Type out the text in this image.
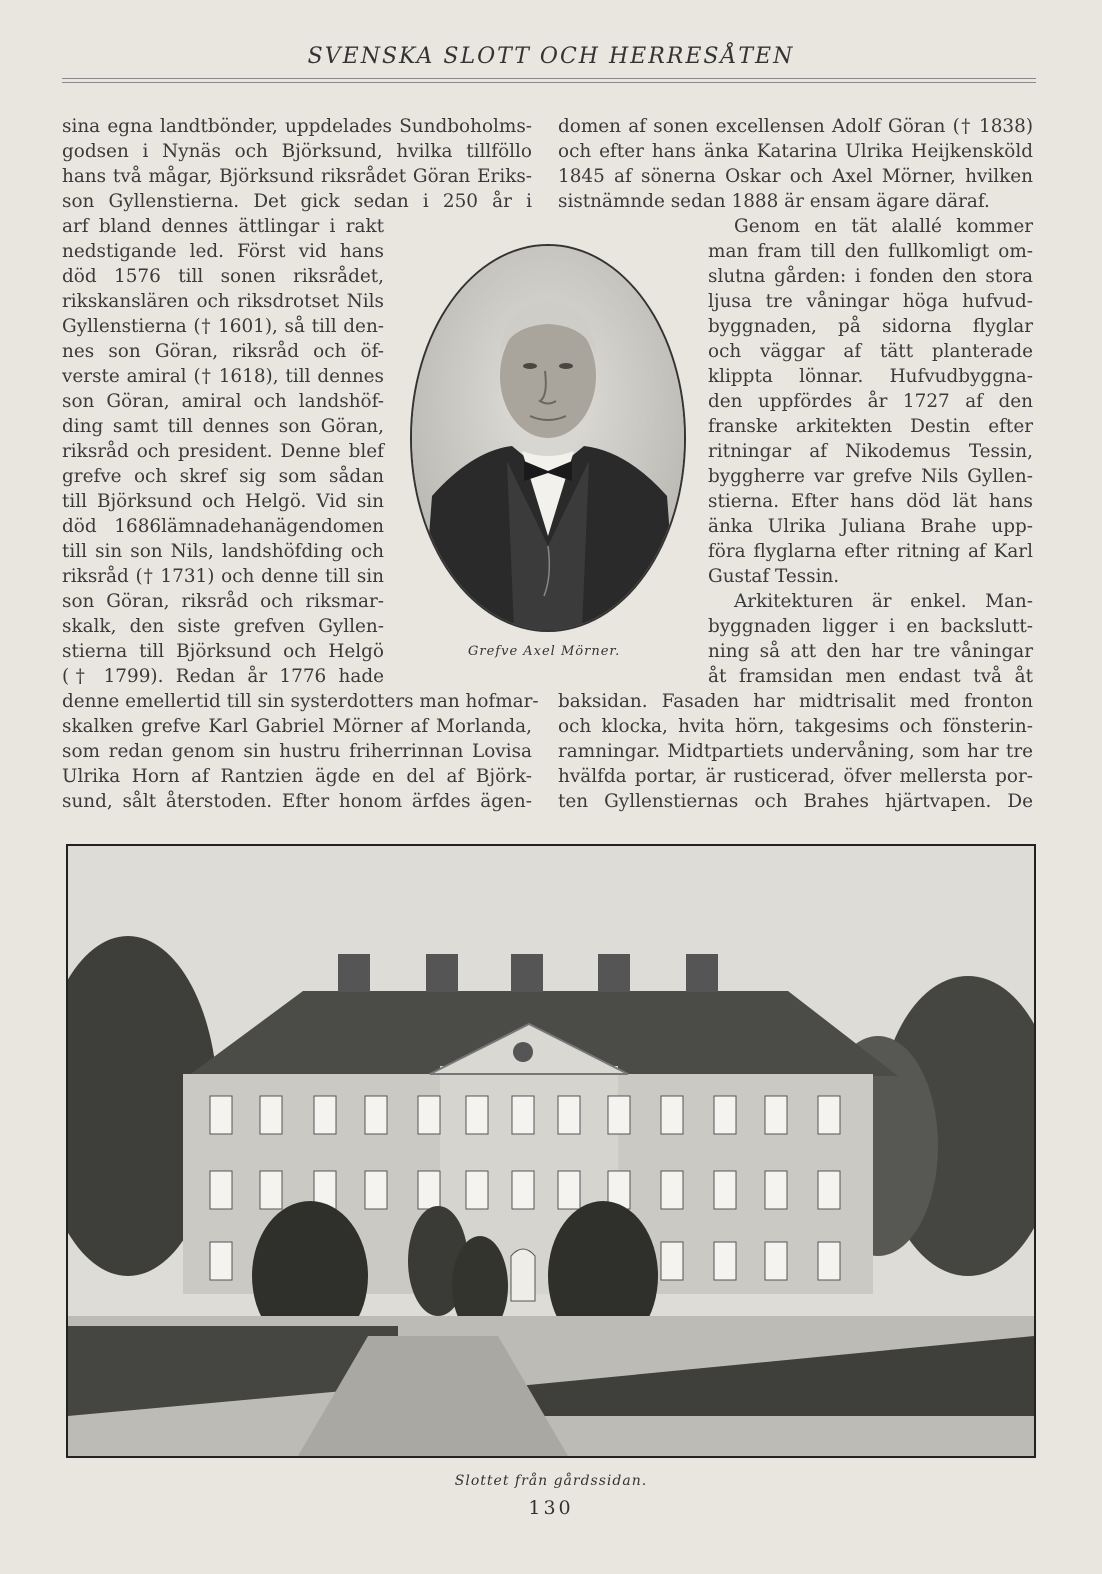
SVENSKA SLOTT OCH HERRESÅTEN
sina egna landtbönder, uppdelades Sundboholms-
godsen i Nynäs och Björksund, hvilka tillföllo
hans två mågar, Björksund riksrådet Göran Eriks-
son Gyllenstierna. Det gick sedan i 250 år i
arf bland dennes ättlingar i rakt
nedstigande led. Först vid hans
död 1576 till sonen riksrådet,
rikskanslären och riksdrotset Nils
Gyllenstierna († 1601), så till den-
nes son Göran, riksråd och öf-
verste amiral († 1618), till dennes
son Göran, amiral och landshöf-
ding samt till dennes son Göran,
riksråd och president. Denne blef
grefve och skref sig som sådan
till Björksund och Helgö. Vid sin
död 1686lämnadehanägendomen
till sin son Nils, landshöfding och
riksråd († 1731) och denne till sin
son Göran, riksråd och riksmar-
skalk, den siste grefven Gyllen-
stierna till Björksund och Helgö
(† 1799). Redan år 1776 hade
denne emellertid till sin systerdotters man hofmar-
skalken grefve Karl Gabriel Mörner af Morlanda,
som redan genom sin hustru friherrinnan Lovisa
Ulrika Horn af Rantzien ägde en del af Björk-
sund, sålt återstoden. Efter honom ärfdes ägen-
domen af sonen excellensen Adolf Göran († 1838)
och efter hans änka Katarina Ulrika Heijkensköld
1845 af sönerna Oskar och Axel Mörner, hvilken
sistnämnde sedan 1888 är ensam ägare däraf.
Genom en tät alallé kommer
man fram till den fullkomligt om-
slutna gården: i fonden den stora
ljusa tre våningar höga hufvud-
byggnaden, på sidorna flyglar
och väggar af tätt planterade
klippta lönnar. Hufvudbyggna-
den uppfördes år 1727 af den
franske arkitekten Destin efter
ritningar af Nikodemus Tessin,
byggherre var grefve Nils Gyllen-
stierna. Efter hans död lät hans
änka Ulrika Juliana Brahe upp-
föra flyglarna efter ritning af Karl
Gustaf Tessin.
Arkitekturen är enkel. Man-
byggnaden ligger i en backslutt-
ning så att den har tre våningar
åt framsidan men endast två åt
baksidan. Fasaden har midtrisalit med fronton
och klocka, hvita hörn, takgesims och fönsterin-
ramningar. Midtpartiets undervåning, som har tre
hvälfda portar, är rusticerad, öfver mellersta por-
ten Gyllenstiernas och Brahes hjärtvapen. De
Grefve Axel Mörner.
Slottet från gårdssidan.
130
